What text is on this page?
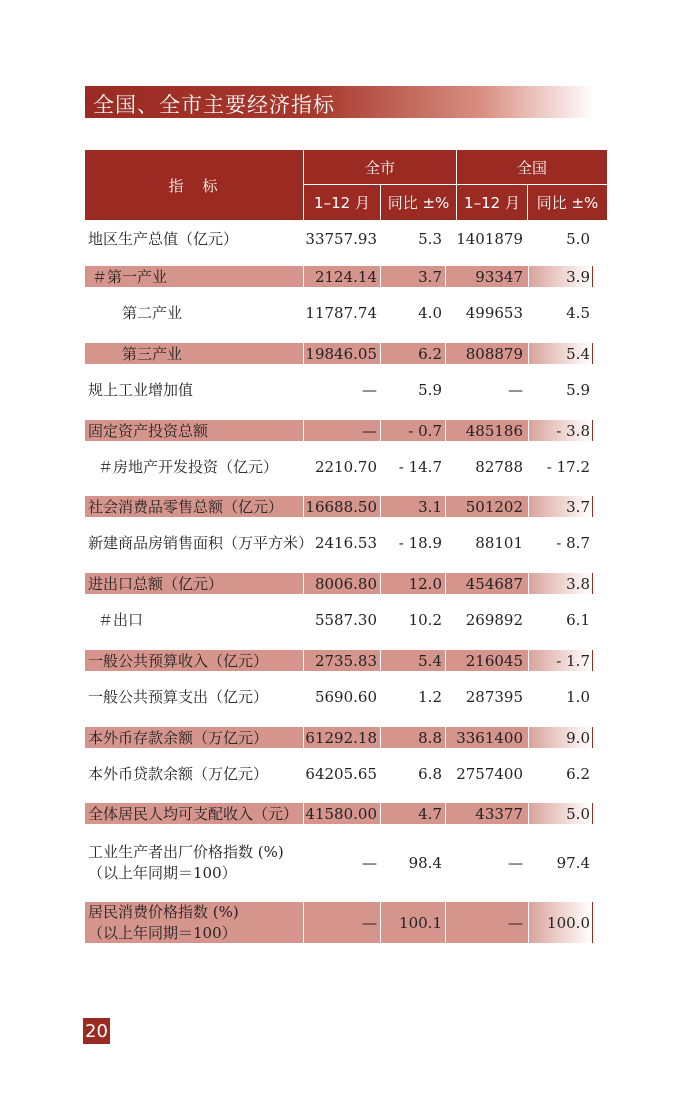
全国、全市主要经济指标
指　标
全市	全国
1–12 月	同比 ±% 1–12 月	同比 ±%
地区生产总值（亿元）	33757.93	5.3 1401879	5.0
＃第一产业	2124.14	3.7	93347	3.9
第二产业	11787.74	4.0	499653	4.5
第三产业	19846.05	6.2	808879	5.4
规上工业增加值	—	5.9	—	5.9
固定资产投资总额	—	- 0.7	485186	- 3.8
＃房地产开发投资（亿元）	2210.70	- 14.7	82788	- 17.2
社会消费品零售总额（亿元） 16688.50	3.1	501202	3.7
新建商品房销售面积（万平方米） 2416.53	- 18.9	88101	- 8.7
进出口总额（亿元）	8006.80	12.0	454687	3.8
＃出口	5587.30	10.2	269892	6.1
一般公共预算收入（亿元）	2735.83	5.4	216045	- 1.7
一般公共预算支出（亿元）	5690.60	1.2	287395	1.0
本外币存款余额（万亿元） 61292.18	8.8 3361400	9.0
本外币贷款余额（万亿元） 64205.65	6.8 2757400	6.2
全体居民人均可支配收入（元） 41580.00	4.7	43377	5.0
工业生产者出厂价格指数 (%)
（以上年同期＝100）
—	98.4	—	97.4
居民消费价格指数 (%)
（以上年同期＝100）
—	100.1	—	100.0
20
